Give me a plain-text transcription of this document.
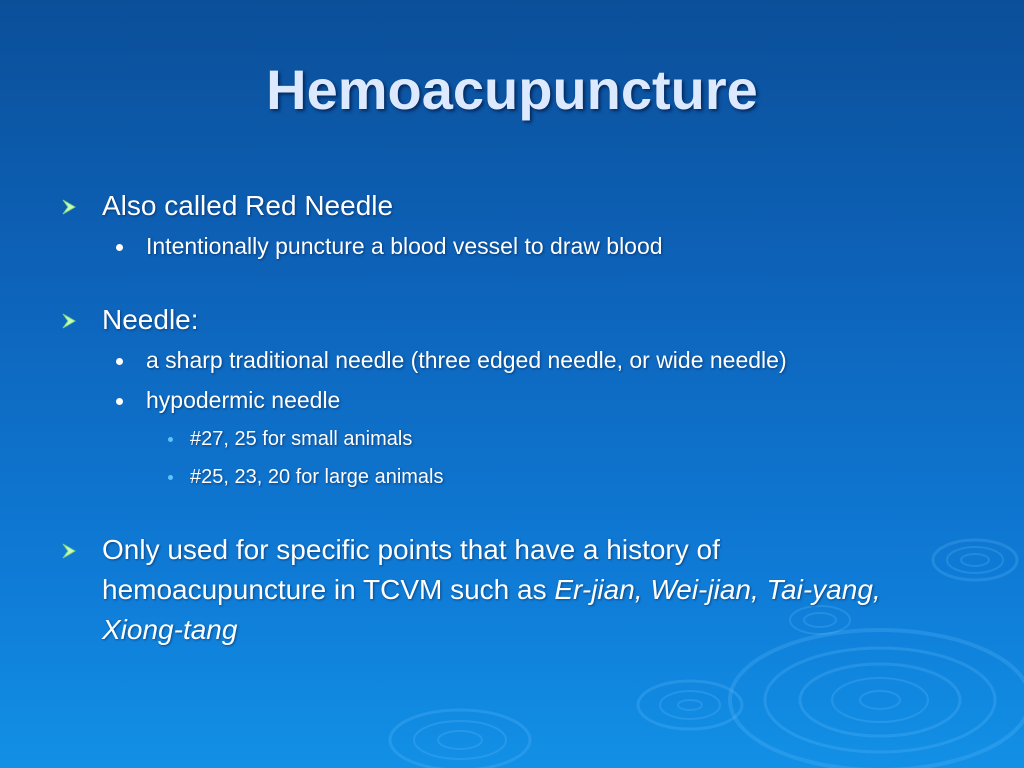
Hemoacupuncture
Also called Red Needle
Intentionally puncture a blood vessel to draw blood
Needle:
a sharp traditional needle (three edged needle, or wide needle)
hypodermic needle
#27, 25 for small animals
#25, 23, 20 for large animals
Only used for specific points that have a history of hemoacupuncture in TCVM such as Er-jian, Wei-jian, Tai-yang, Xiong-tang
